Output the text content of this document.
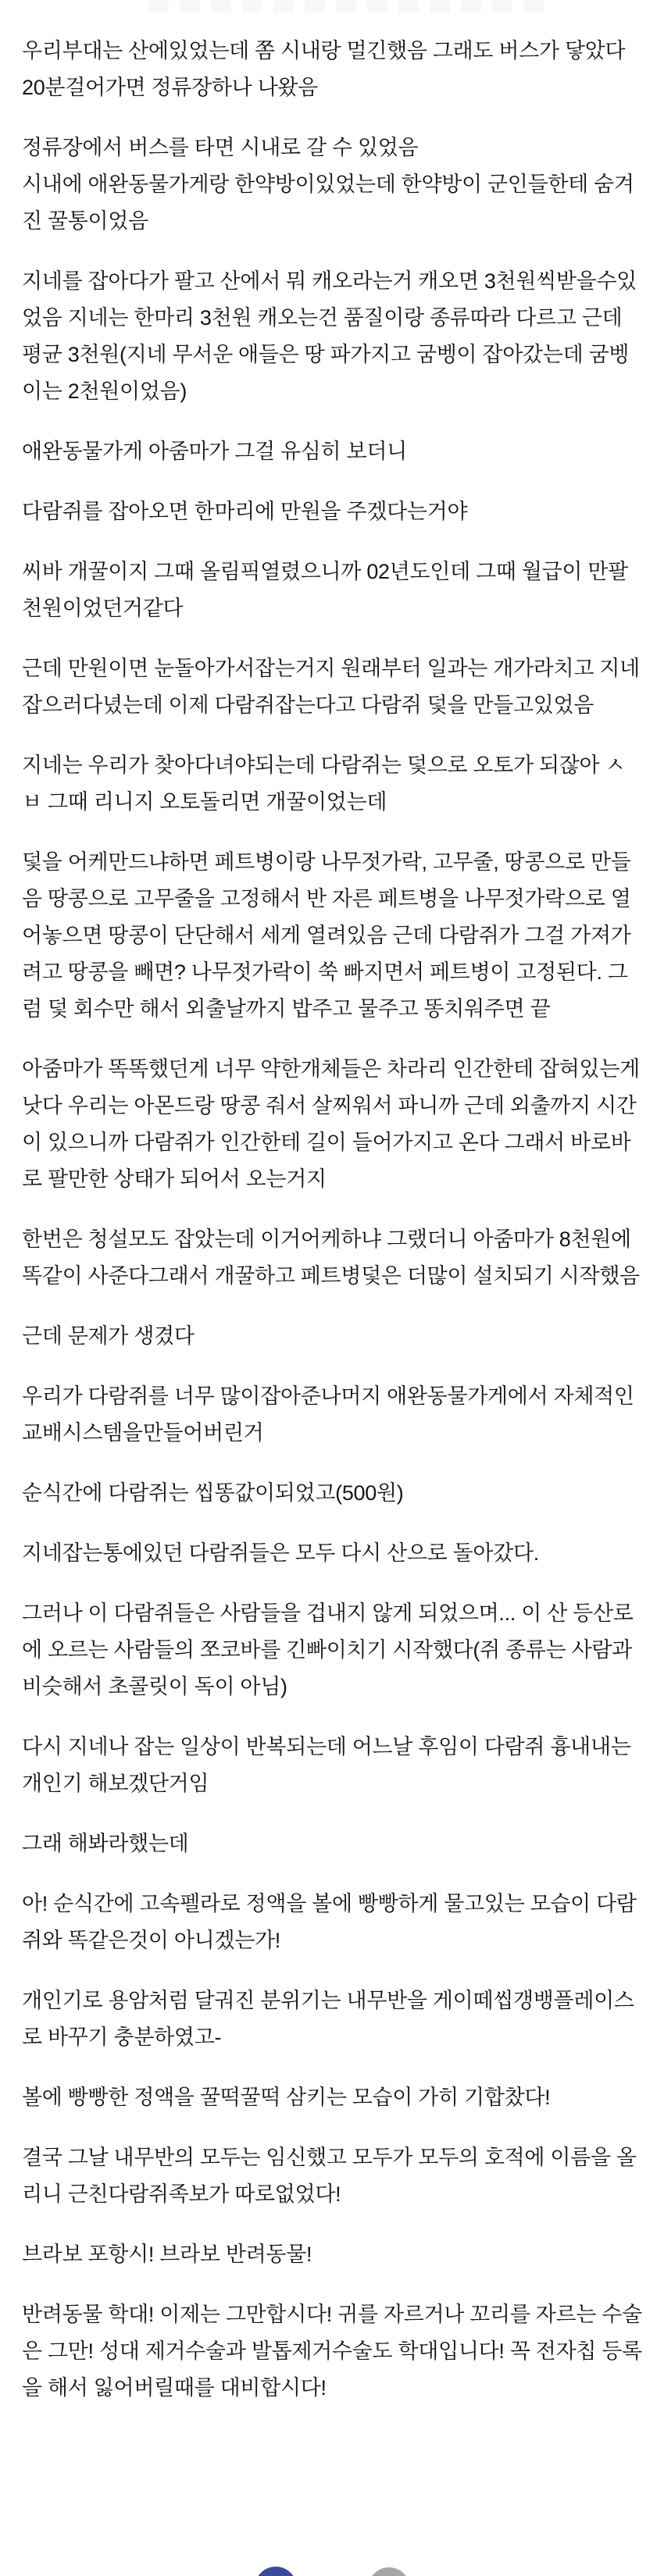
우리부대는 산에있었는데 쫌 시내랑 멀긴했음 그래도 버스가 닿았다 20분걸어가면 정류장하나 나왔음

정류장에서 버스를 타면 시내로 갈 수 있었음
시내에 애완동물가게랑 한약방이있었는데 한약방이 군인들한테 숨겨진 꿀통이었음

지네를 잡아다가 팔고 산에서 뭐 캐오라는거 캐오면 3천원씩받을수있었음 지네는 한마리 3천원 캐오는건 품질이랑 종류따라 다르고 근데 평균 3천원(지네 무서운 애들은 땅 파가지고 굼벵이 잡아갔는데 굼벵이는 2천원이었음)

애완동물가게 아줌마가 그걸 유심히 보더니

다람쥐를 잡아오면 한마리에 만원을 주겠다는거야

씨바 개꿀이지 그때 올림픽열렸으니까 02년도인데 그때 월급이 만팔천원이었던거같다

근데 만원이면 눈돌아가서잡는거지 원래부터 일과는 개가라치고 지네잡으러다녔는데 이제 다람쥐잡는다고 다람쥐 덫을 만들고있었음

지네는 우리가 찾아다녀야되는데 다람쥐는 덫으로 오토가 되잖아 ㅅㅂ 그때 리니지 오토돌리면 개꿀이었는데

덫을 어케만드냐하면 페트병이랑 나무젓가락, 고무줄, 땅콩으로 만들음 땅콩으로 고무줄을 고정해서 반 자른 페트병을 나무젓가락으로 열어놓으면 땅콩이 단단해서 세게 열려있음 근데 다람쥐가 그걸 가져가려고 땅콩을 빼면? 나무젓가락이 쑥 빠지면서 페트병이 고정된다. 그럼 덫 회수만 해서 외출날까지 밥주고 물주고 똥치워주면 끝

아줌마가 똑똑했던게 너무 약한개체들은 차라리 인간한테 잡혀있는게 낫다 우리는 아몬드랑 땅콩 줘서 살찌워서 파니까 근데 외출까지 시간이 있으니까 다람쥐가 인간한테 길이 들어가지고 온다 그래서 바로바로 팔만한 상태가 되어서 오는거지

한번은 청설모도 잡았는데 이거어케하냐 그랬더니 아줌마가 8천원에 똑같이 사준다그래서 개꿀하고 페트병덫은 더많이 설치되기 시작했음

근데 문제가 생겼다

우리가 다람쥐를 너무 많이잡아준나머지 애완동물가게에서 자체적인 교배시스템을만들어버린거

순식간에 다람쥐는 씹똥값이되었고(500원)

지네잡는통에있던 다람쥐들은 모두 다시 산으로 돌아갔다.

그러나 이 다람쥐들은 사람들을 겁내지 않게 되었으며... 이 산 등산로에 오르는 사람들의 쪼코바를 긴빠이치기 시작했다(쥐 종류는 사람과 비슷해서 초콜릿이 독이 아님)

다시 지네나 잡는 일상이 반복되는데 어느날 후임이 다람쥐 흉내내는 개인기 해보겠단거임

그래 해봐라했는데

아! 순식간에 고속펠라로 정액을 볼에 빵빵하게 물고있는 모습이 다람쥐와 똑같은것이 아니겠는가!

개인기로 용암처럼 달궈진 분위기는 내무반을 게이떼씹갱뱅플레이스로 바꾸기 충분하였고-

볼에 빵빵한 정액을 꿀떡꿀떡 삼키는 모습이 가히 기합찼다!

결국 그날 내무반의 모두는 임신했고 모두가 모두의 호적에 이름을 올리니 근친다람쥐족보가 따로없었다!

브라보 포항시! 브라보 반려동물!

반려동물 학대! 이제는 그만합시다! 귀를 자르거나 꼬리를 자르는 수술은 그만! 성대 제거수술과 발톱제거수술도 학대입니다! 꼭 전자칩 등록을 해서 잃어버릴때를 대비합시다!
